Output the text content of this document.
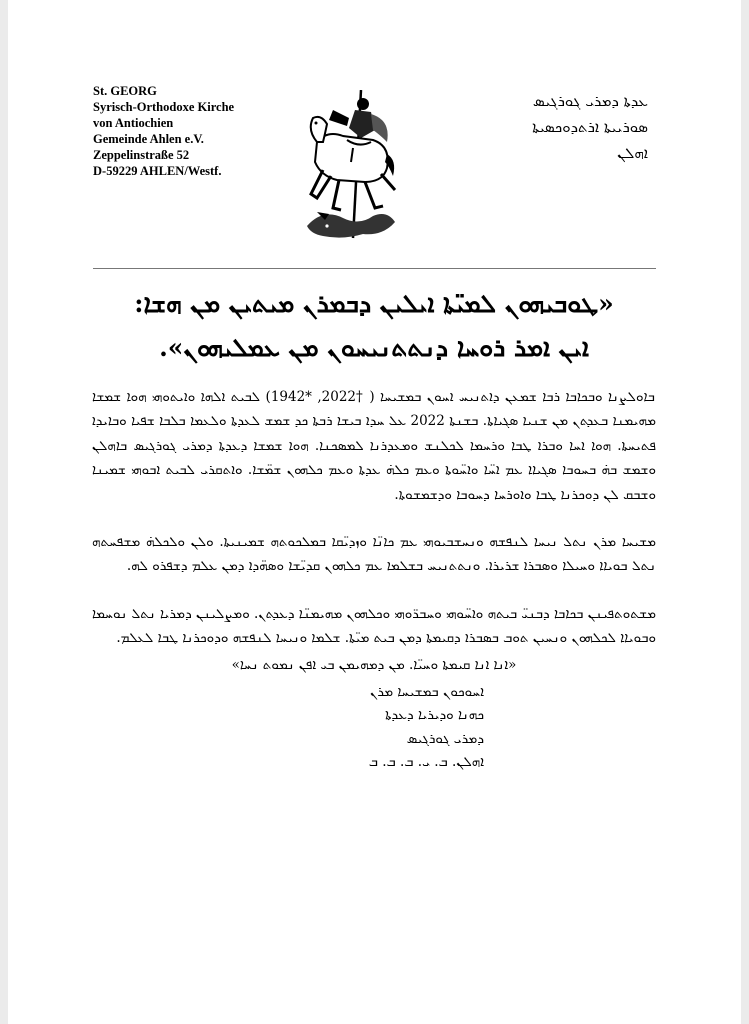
St. GEORG
Syrisch-Orthodoxe Kirche
von Antiochien
Gemeinde Ahlen e.V.
Zeppelinstraße 52
D-59229 AHLEN/Westf.
ܥܕܬܐ ܕܡܪܝ ܓܘܪܓܝܣ
ܣܘܪܝܝܬܐ ܐܪܬܕܘܟܣܝܬܐ
ܐܗܠܢ
«ܛܘܒܝܗܘܢ ܠܡܝ̈ܬܐ ܐܝܠܝܢ ܕܒܡܪܢ ܡܝܬܝܢ ܡܢ ܗܫܐ:
ܐܝܢ ܐܡܪ ܪܘܚܐ ܕܢܬܬܢܝܚܘܢ ܡܢ ܥܡܠܝܗܘܢ».

ܒܐܘܠܨܢܐ ܘܒܟܐܒܐ ܪܒܐ ܫܡܥܢ ܕܐܬܢܝܚ ܐܚܘܢ ܒܡܫܝܚܐ ( †2022, *1942) ܠܒܝܬ ܐܠܗܐ ܘܐܝܬܘܗܝ ܗܘܐ ܫܡܫܐ ܡܗܝܡܢܐ ܒܥܕܬܢ ܡܢ ܫܢܝܐ ܣܓܝܐܬܐ. ܒܫܢܬܐ 2022 ܥܠ ܚܕܐ ܒܝܫܐ ܪܒܬܐ ܟܕ ܫܡܫ ܠܥܕܬܐ ܘܠܥܡܐ ܒܠܒܐ ܫܦܝܐ ܘܒܐܝܕܐ ܦܬܝܚܬܐ. ܗܘܐ ܐܚܐ ܘܒܪܐ ܛܒܐ ܘܪܚܡܐ ܠܟܠܢܫ ܘܡܥܕܪܢܐ ܠܡܣܟܢܐ. ܗܘܐ ܫܡܫܐ ܕܥܕܬܐ ܕܡܪܝ ܓܘܪܓܝܣ ܒܐܗܠܢ ܘܫܡܫ ܒܗ̇ ܒܚܘܒܐ ܣܓܝܐܐ ܥܡ ܐܚ̈ܐ ܘܐܚ̈ܘܬܐ ܘܥܡ ܟܠܗ̇ ܥܕܬܐ ܘܥܡ ܟܠܗܘܢ ܫܡ̈ܫܐ. ܘܐܬܩܪܝ ܠܒܝܬ ܐܒܘܗܝ ܫܡܝܢܐ ܘܫܒܩ ܠܢ ܕܘܟܪܢܐ ܛܒܐ ܘܐܘܪܚܐ ܕܚܘܒܐ ܘܕܫܡܫܘܬܐ.

ܡܫܝܚܐ ܡܪܢ ܢܬܠ ܢܝܚܐ ܠܢܦܫܗ ܘܢܚܫܒܝܘܗܝ ܥܡ ܟܐܢ̈ܐ ܘܙܕܝ̈ܩܐ ܒܡܠܟܘܬܗ ܫܡܝܢܝܬܐ. ܘܠܢ ܘܠܟܠܗ̇ ܡܫܦܚܬܗ ܢܬܠ ܒܘܝܐܐ ܘܚܝܠܐ ܘܣܒܪܐ ܫܪܝܪܐ. ܘܢܬܬܢܝܚ ܒܫܠܡܐ ܥܡ ܟܠܗܘܢ ܩܕܝ̈ܫܐ ܘܣܗ̈ܕܐ ܕܡܢ ܥܠܡ ܕܫܦܪܘ ܠܗ.

ܡܫܬܘܬܦܝܢܢ ܒܟܐܒܐ ܕܒܢܝ̈ ܒܝܬܗ ܘܐܚ̈ܘܗܝ ܘܚܒܪ̈ܘܗܝ ܘܟܠܗܘܢ ܡܗܝܡܢ̈ܐ ܕܥܕܬܢ. ܘܡܨܠܝܢܢ ܕܡܪܝܐ ܢܬܠ ܢܘܚܡܐ ܘܒܘܝܐܐ ܠܟܠܗܘܢ ܘܢܚܝܢ ܬܘܒ ܒܣܒܪܐ ܕܩܝܡܬܐ ܕܡܢ ܒܝܬ ܡܝ̈ܬܐ. ܫܠܡܐ ܘܢܝܚܐ ܠܢܦܫܗ ܘܕܘܟܪܢܐ ܛܒܐ ܠܥܠܡ.

«ܐܢܐ ܐܢܐ ܩܝܡܬܐ ܘܚܝ̈ܐ. ܡܢ ܕܡܗܝܡܢ ܒܝ ܐܦܢ ܢܡܘܬ ܢܚܐ»
ܐܚܘܟܘܢ ܒܡܫܝܚܐ ܡܪܢ
ܟܗܢܐ ܘܕܝܪܝܐ ܕܥܕܬܐ
ܕܡܪܝ ܓܘܪܓܝܣ
ܐܗܠܢ. ܒ. ܝ. ܒ. ܒ. ܒ
